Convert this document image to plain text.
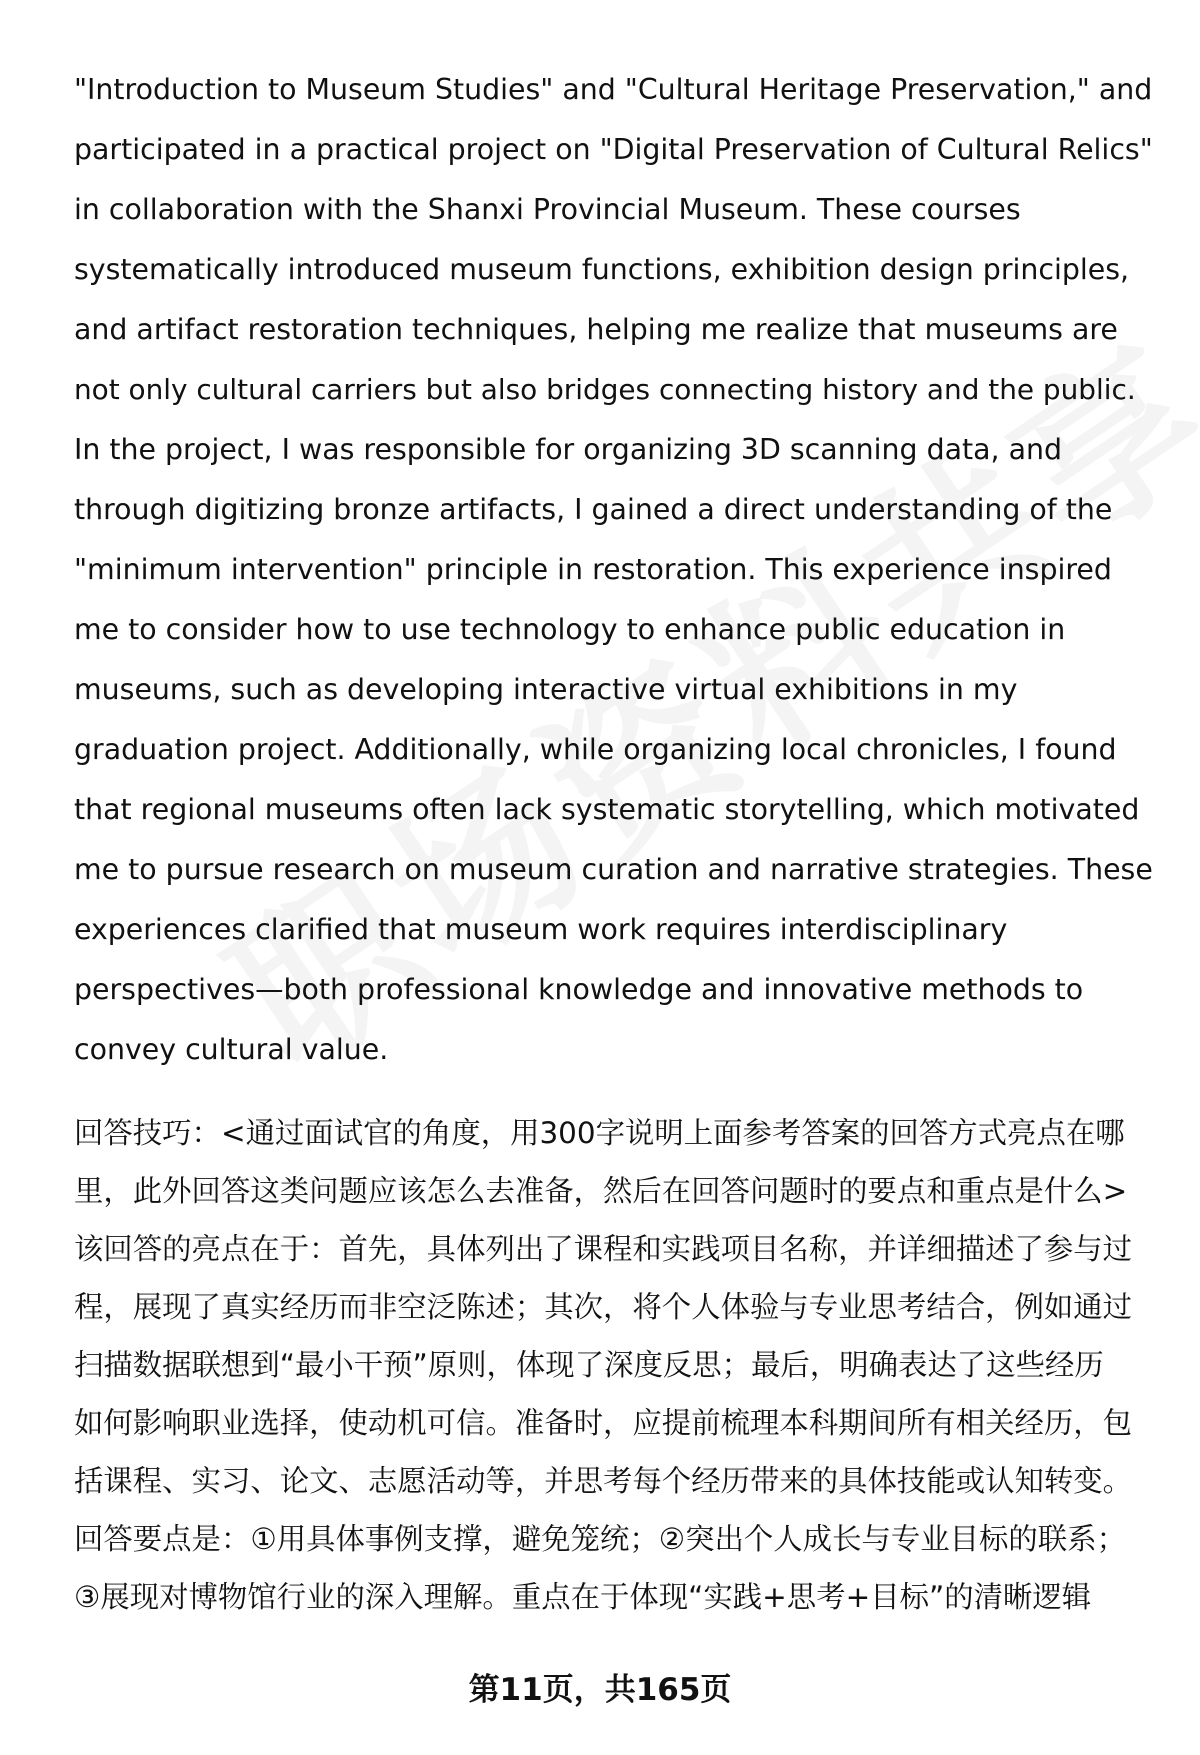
"Introduction to Museum Studies" and "Cultural Heritage Preservation," and
participated in a practical project on "Digital Preservation of Cultural Relics"
in collaboration with the Shanxi Provincial Museum. These courses
systematically introduced museum functions, exhibition design principles,
and artifact restoration techniques, helping me realize that museums are
not only cultural carriers but also bridges connecting history and the public.
In the project, I was responsible for organizing 3D scanning data, and
through digitizing bronze artifacts, I gained a direct understanding of the
"minimum intervention" principle in restoration. This experience inspired
me to consider how to use technology to enhance public education in
museums, such as developing interactive virtual exhibitions in my
graduation project. Additionally, while organizing local chronicles, I found
that regional museums often lack systematic storytelling, which motivated
me to pursue research on museum curation and narrative strategies. These
experiences clarified that museum work requires interdisciplinary
perspectives—both professional knowledge and innovative methods to
convey cultural value.
回答技巧：<通过面试官的角度，用300字说明上面参考答案的回答方式亮点在哪
里，此外回答这类问题应该怎么去准备，然后在回答问题时的要点和重点是什么>
该回答的亮点在于：首先，具体列出了课程和实践项目名称，并详细描述了参与过
程，展现了真实经历而非空泛陈述；其次，将个人体验与专业思考结合，例如通过
扫描数据联想到“最小干预”原则，体现了深度反思；最后，明确表达了这些经历
如何影响职业选择，使动机可信。准备时，应提前梳理本科期间所有相关经历，包
括课程、实习、论文、志愿活动等，并思考每个经历带来的具体技能或认知转变。
回答要点是：①用具体事例支撑，避免笼统；②突出个人成长与专业目标的联系；
③展现对博物馆行业的深入理解。重点在于体现“实践+思考+目标”的清晰逻辑
第11页，共165页
